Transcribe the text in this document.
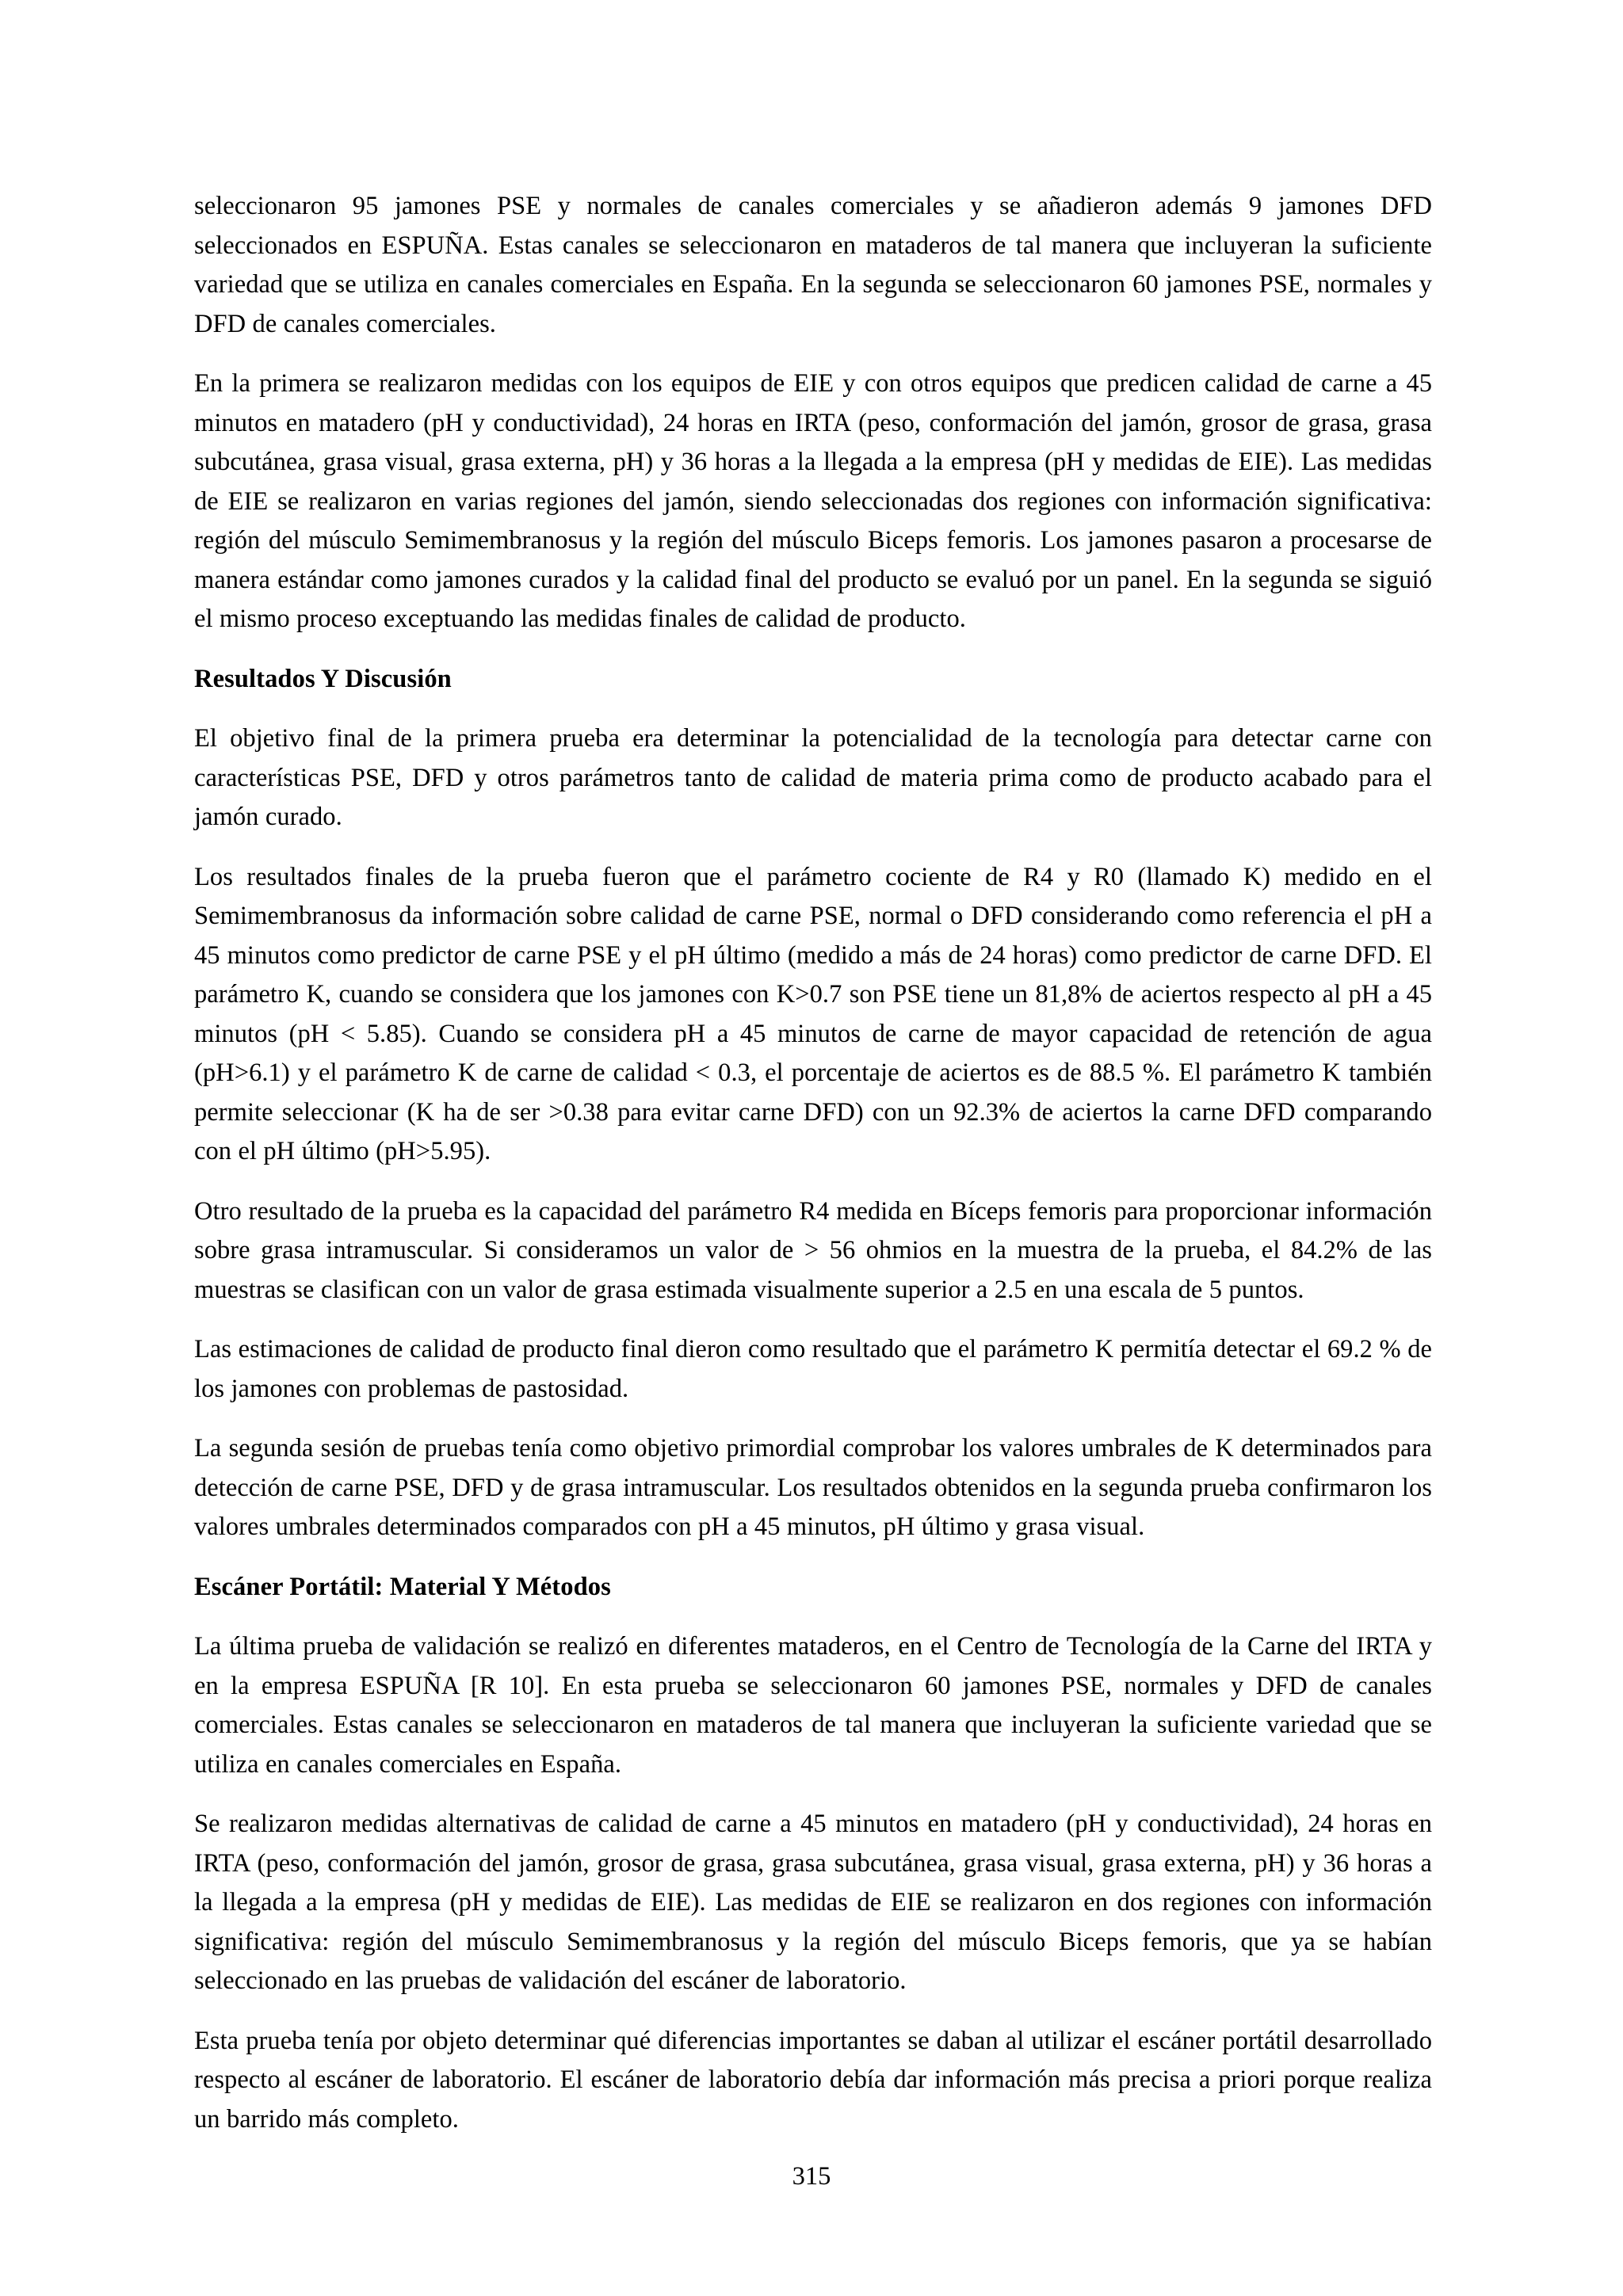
seleccionaron 95 jamones PSE y normales de canales comerciales y se añadieron además 9 jamones DFD seleccionados en ESPUÑA. Estas canales se seleccionaron en mataderos de tal manera que incluyeran la suficiente variedad que se utiliza en canales comerciales en España. En la segunda se seleccionaron 60 jamones PSE, normales y DFD de canales comerciales.

En la primera se realizaron medidas con los equipos de EIE y con otros equipos que predicen calidad de carne a 45 minutos en matadero (pH y conductividad), 24 horas en IRTA (peso, conformación del jamón, grosor de grasa, grasa subcutánea, grasa visual, grasa externa, pH) y 36 horas a la llegada a la empresa (pH y medidas de EIE). Las medidas de EIE se realizaron en varias regiones del jamón, siendo seleccionadas dos regiones con información significativa: región del músculo Semimembranosus y la región del músculo Biceps femoris. Los jamones pasaron a procesarse de manera estándar como jamones curados y la calidad final del producto se evaluó por un panel. En la segunda se siguió el mismo proceso exceptuando las medidas finales de calidad de producto.

Resultados Y Discusión

El objetivo final de la primera prueba era determinar la potencialidad de la tecnología para detectar carne con características PSE, DFD y otros parámetros tanto de calidad de materia prima como de producto acabado para el jamón curado.

Los resultados finales de la prueba fueron que el parámetro cociente de R4 y R0 (llamado K) medido en el Semimembranosus da información sobre calidad de carne PSE, normal o DFD considerando como referencia el pH a 45 minutos como predictor de carne PSE y el pH último (medido a más de 24 horas) como predictor de carne DFD. El parámetro K, cuando se considera que los jamones con K>0.7 son PSE tiene un 81,8% de aciertos respecto al pH a 45 minutos (pH < 5.85). Cuando se considera pH a 45 minutos de carne de mayor capacidad de retención de agua (pH>6.1) y el parámetro K de carne de calidad < 0.3, el porcentaje de aciertos es de 88.5 %. El parámetro K también permite seleccionar (K ha de ser >0.38 para evitar carne DFD) con un 92.3% de aciertos la carne DFD comparando con el pH último (pH>5.95).

Otro resultado de la prueba es la capacidad del parámetro R4 medida en Bíceps femoris para proporcionar información sobre grasa intramuscular. Si consideramos un valor de > 56 ohmios en la muestra de la prueba, el 84.2% de las muestras se clasifican con un valor de grasa estimada visualmente superior a 2.5 en una escala de 5 puntos.

Las estimaciones de calidad de producto final dieron como resultado que el parámetro K permitía detectar el 69.2 % de los jamones con problemas de pastosidad.

La segunda sesión de pruebas tenía como objetivo primordial comprobar los valores umbrales de K determinados para detección de carne PSE, DFD y de grasa intramuscular. Los resultados obtenidos en la segunda prueba confirmaron los valores umbrales determinados comparados con pH a 45 minutos, pH último y grasa visual.

Escáner Portátil: Material Y Métodos

La última prueba de validación se realizó en diferentes mataderos, en el Centro de Tecnología de la Carne del IRTA y en la empresa ESPUÑA [R 10]. En esta prueba se seleccionaron 60 jamones PSE, normales y DFD de canales comerciales. Estas canales se seleccionaron en mataderos de tal manera que incluyeran la suficiente variedad que se utiliza en canales comerciales en España.

Se realizaron medidas alternativas de calidad de carne a 45 minutos en matadero (pH y conductividad), 24 horas en IRTA (peso, conformación del jamón, grosor de grasa, grasa subcutánea, grasa visual, grasa externa, pH) y 36 horas a la llegada a la empresa (pH y medidas de EIE). Las medidas de EIE se realizaron en dos regiones con información significativa: región del músculo Semimembranosus y la región del músculo Biceps femoris, que ya se habían seleccionado en las pruebas de validación del escáner de laboratorio.

Esta prueba tenía por objeto determinar qué diferencias importantes se daban al utilizar el escáner portátil desarrollado respecto al escáner de laboratorio. El escáner de laboratorio debía dar información más precisa a priori porque realiza un barrido más completo.

315
